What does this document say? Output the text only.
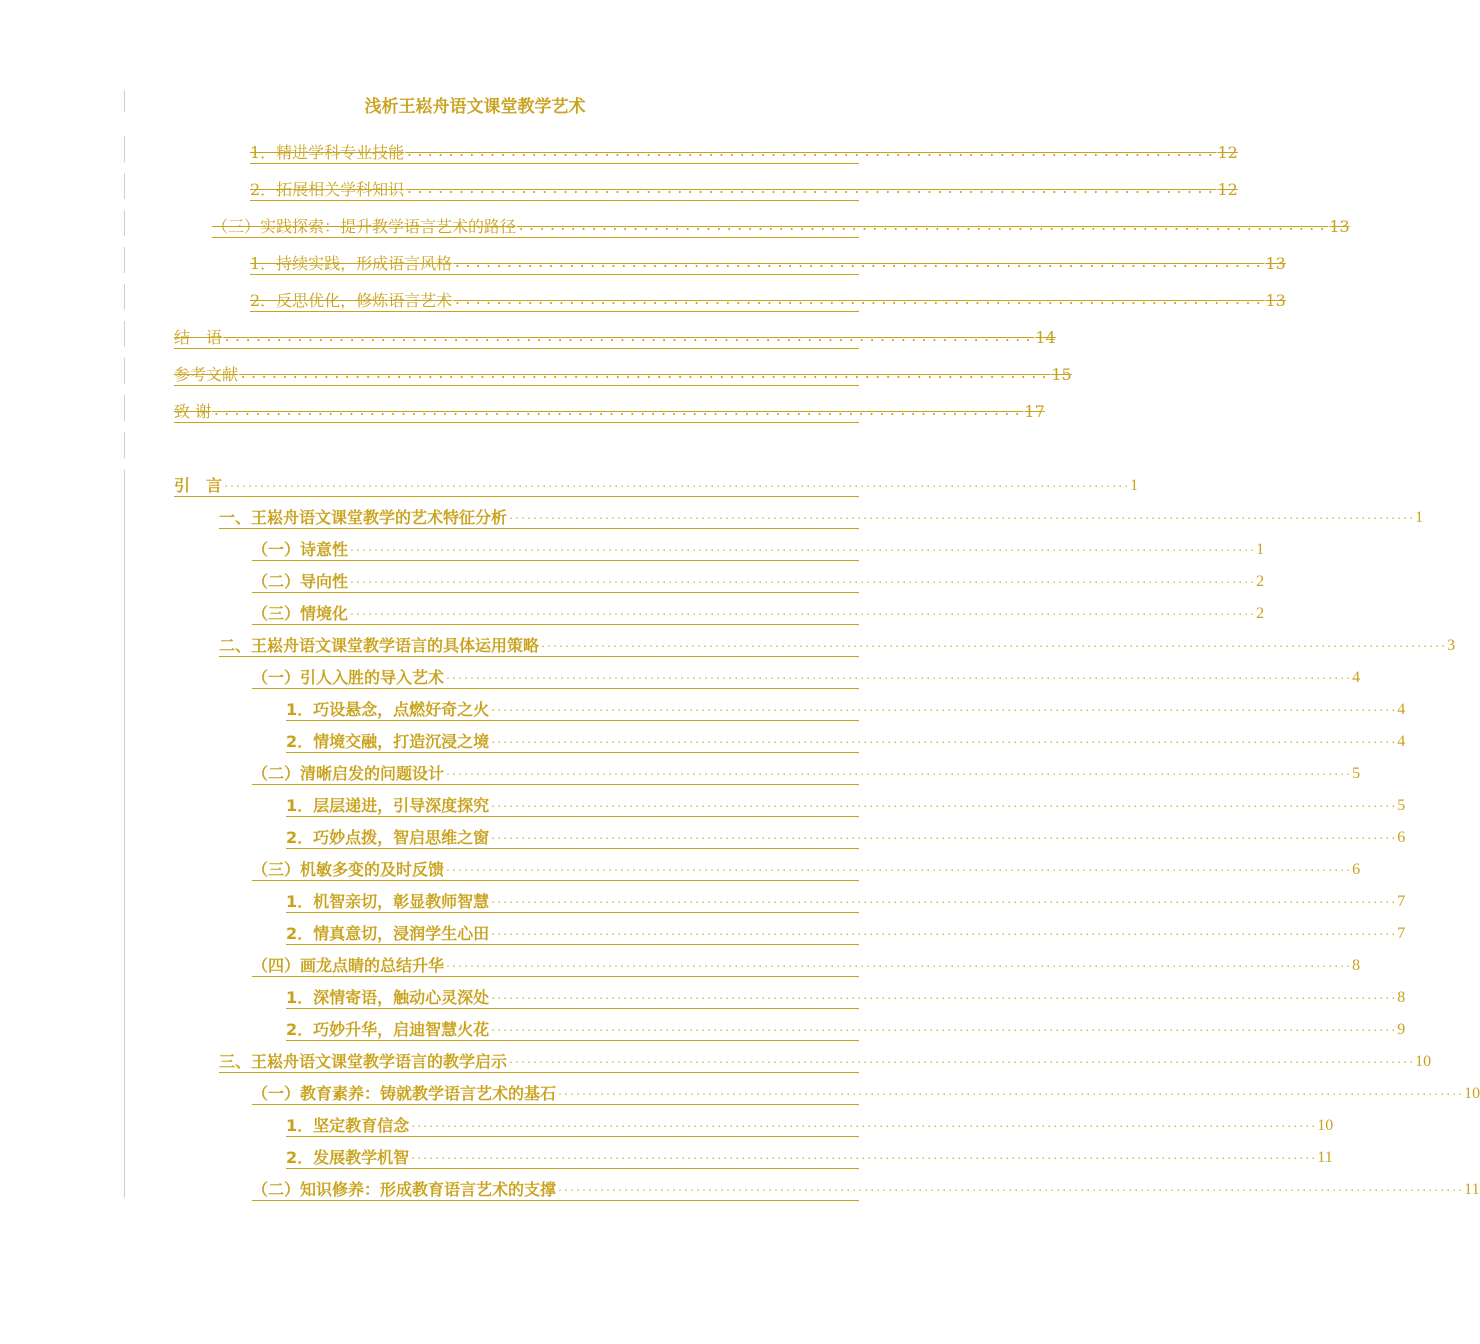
浅析王崧舟语文课堂教学艺术
1．精进学科专业技能 .............................................................................. 12
2．拓展相关学科知识 .............................................................................. 12
（三）实践探索：提升教学语言艺术的路径 .............................................................................. 13
1．持续实践，形成语言风格 .............................................................................. 13
2．反思优化，修炼语言艺术 .............................................................................. 13
结　语 .............................................................................. 14
参考文献 .............................................................................. 15
致 谢 .............................................................................. 17
引　言 ....................................................................................................................................................... 1
一、王崧舟语文课堂教学的艺术特征分析 ....................................................................................................................................................... 1
（一）诗意性 ....................................................................................................................................................... 1
（二）导向性 ....................................................................................................................................................... 2
（三）情境化 ....................................................................................................................................................... 2
二、王崧舟语文课堂教学语言的具体运用策略 ....................................................................................................................................................... 3
（一）引人入胜的导入艺术 ....................................................................................................................................................... 4
1．巧设悬念，点燃好奇之火 ....................................................................................................................................................... 4
2．情境交融，打造沉浸之境 ....................................................................................................................................................... 4
（二）清晰启发的问题设计 ....................................................................................................................................................... 5
1．层层递进，引导深度探究 ....................................................................................................................................................... 5
2．巧妙点拨，智启思维之窗 ....................................................................................................................................................... 6
（三）机敏多变的及时反馈 ....................................................................................................................................................... 6
1．机智亲切，彰显教师智慧 ....................................................................................................................................................... 7
2．情真意切，浸润学生心田 ....................................................................................................................................................... 7
（四）画龙点睛的总结升华 ....................................................................................................................................................... 8
1．深情寄语，触动心灵深处 ....................................................................................................................................................... 8
2．巧妙升华，启迪智慧火花 ....................................................................................................................................................... 9
三、王崧舟语文课堂教学语言的教学启示 ....................................................................................................................................................... 10
（一）教育素养：铸就教学语言艺术的基石 ....................................................................................................................................................... 10
1．坚定教育信念 ....................................................................................................................................................... 10
2．发展教学机智 ....................................................................................................................................................... 11
（二）知识修养：形成教育语言艺术的支撑 ....................................................................................................................................................... 11
